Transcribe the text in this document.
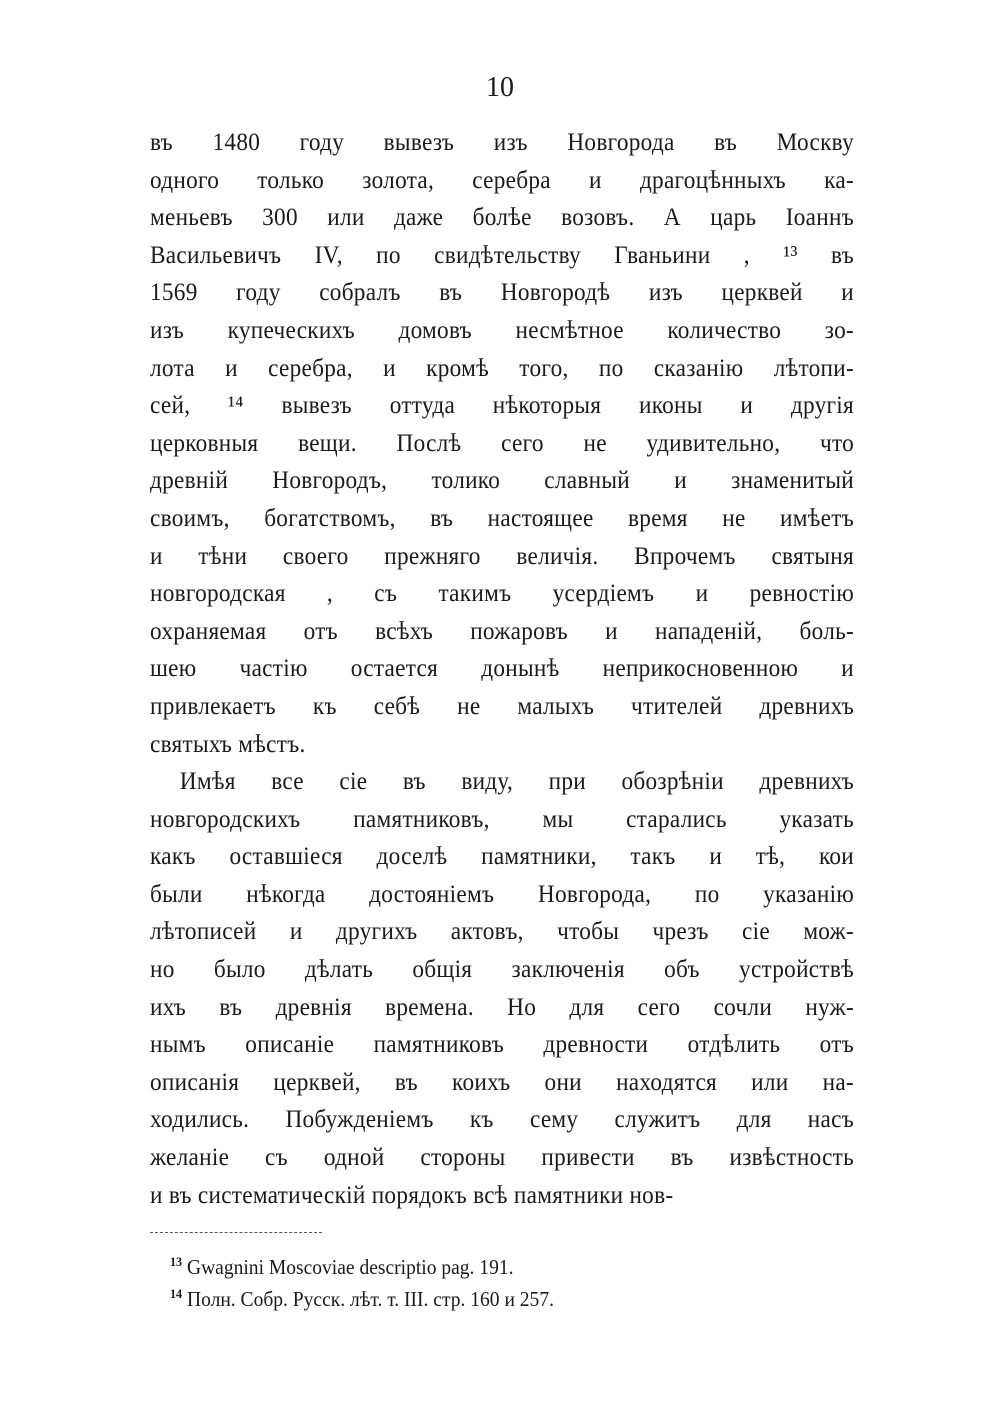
10
въ 1480 году вывезъ изъ Новгорода въ Москву
одного только золота, серебра и драгоцѣнныхъ ка-
меньевъ 300 или даже болѣе возовъ. А царь Іоаннъ
Васильевичъ IV, по свидѣтельству Гваньини , ¹³ въ
1569 году собралъ въ Новгородѣ изъ церквей и
изъ купеческихъ домовъ несмѣтное количество зо-
лота и серебра, и кромѣ того, по сказанію лѣтопи-
сей, ¹⁴ вывезъ оттуда нѣкоторыя иконы и другія
церковныя вещи. Послѣ сего не удивительно, что
древній Новгородъ, толико славный и знаменитый
своимъ, богатствомъ, въ настоящее время не имѣетъ
и тѣни своего прежняго величія. Впрочемъ святыня
новгородская , съ такимъ усердіемъ и ревностію
охраняемая отъ всѣхъ пожаровъ и нападеній, боль-
шею частію остается донынѣ неприкосновенною и
привлекаетъ къ себѣ не малыхъ чтителей древнихъ
святыхъ мѣстъ.
Имѣя все сіе въ виду, при обозрѣніи древнихъ
новгородскихъ памятниковъ, мы старались указать
какъ оставшіеся доселѣ памятники, такъ и тѣ, кои
были нѣкогда достояніемъ Новгорода, по указанію
лѣтописей и другихъ актовъ, чтобы чрезъ сіе мож-
но было дѣлать общія заключенія объ устройствѣ
ихъ въ древнія времена. Но для сего сочли нуж-
нымъ описаніе памятниковъ древности отдѣлить отъ
описанія церквей, въ коихъ они находятся или на-
ходились. Побужденіемъ къ сему служитъ для насъ
желаніе съ одной стороны привести въ извѣстность
и въ систематическій порядокъ всѣ памятники нов-
$^{13}$ Gwagnini Moscoviae descriptio pag. 191.
$^{14}$ Полн. Собр. Русск. лѣт. т. III. стр. 160 и 257.
